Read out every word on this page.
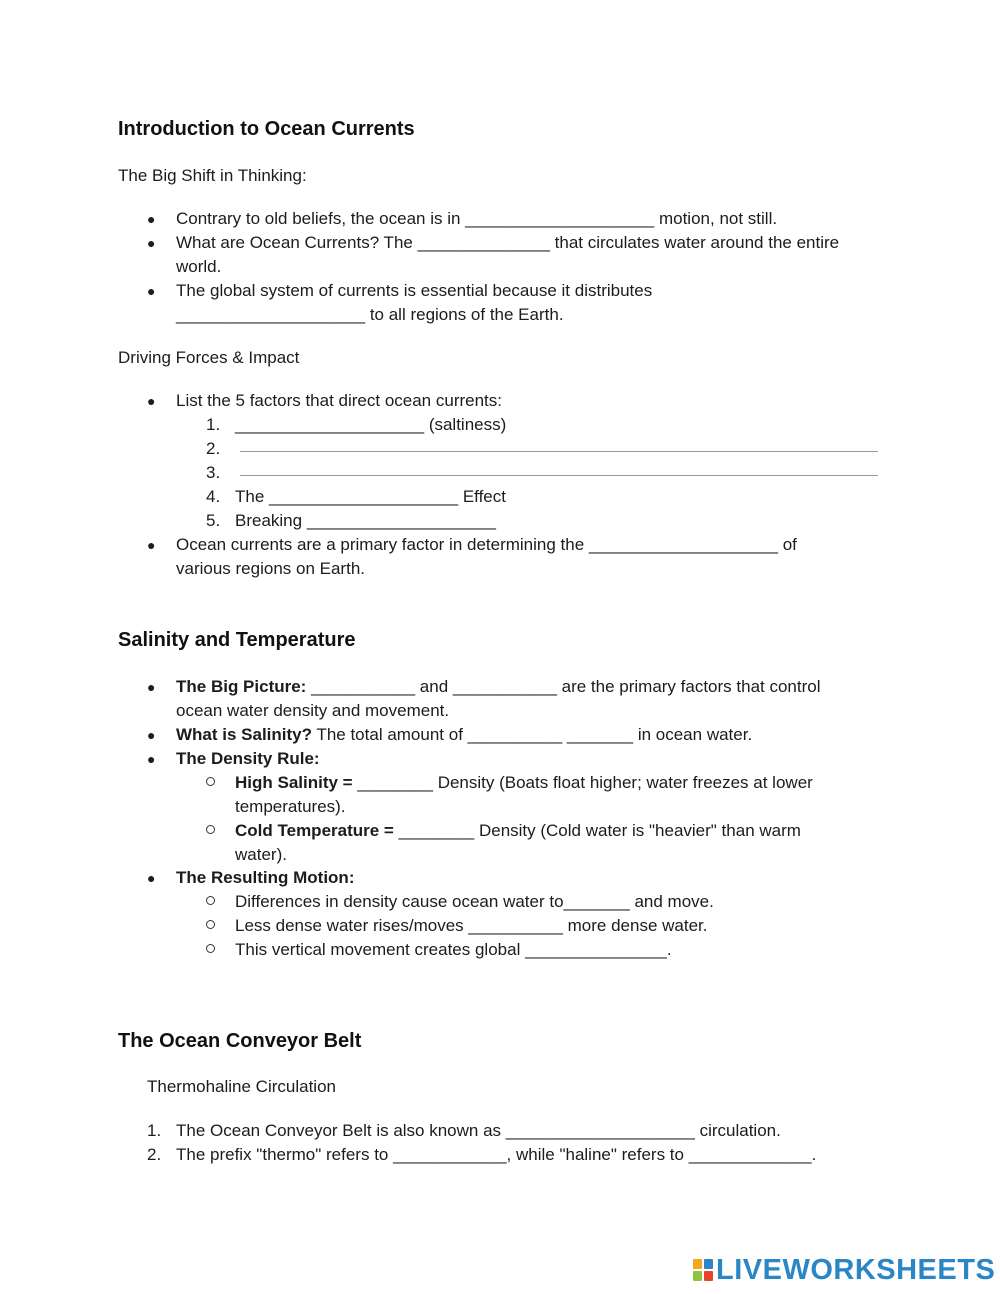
Introduction to Ocean Currents
The Big Shift in Thinking:
● Contrary to old beliefs, the ocean is in ____________________ motion, not still.
● What are Ocean Currents? The ______________ that circulates water around the entire
world.
● The global system of currents is essential because it distributes
____________________ to all regions of the Earth.
Driving Forces & Impact
● List the 5 factors that direct ocean currents:
1. ____________________ (saltiness)
2.
3.
4. The ____________________ Effect
5. Breaking ____________________
● Ocean currents are a primary factor in determining the ____________________ of
various regions on Earth.
Salinity and Temperature
● The Big Picture: ___________ and ___________ are the primary factors that control
ocean water density and movement.
● What is Salinity? The total amount of __________ _______ in ocean water.
● The Density Rule:
High Salinity = ________ Density (Boats float higher; water freezes at lower
temperatures).
Cold Temperature = ________ Density (Cold water is "heavier" than warm
water).
● The Resulting Motion:
Differences in density cause ocean water to_______ and move.
Less dense water rises/moves __________ more dense water.
This vertical movement creates global _______________.
The Ocean Conveyor Belt
Thermohaline Circulation
1. The Ocean Conveyor Belt is also known as ____________________ circulation.
2. The prefix "thermo" refers to ____________, while "haline" refers to _____________.
LIVEWORKSHEETS
